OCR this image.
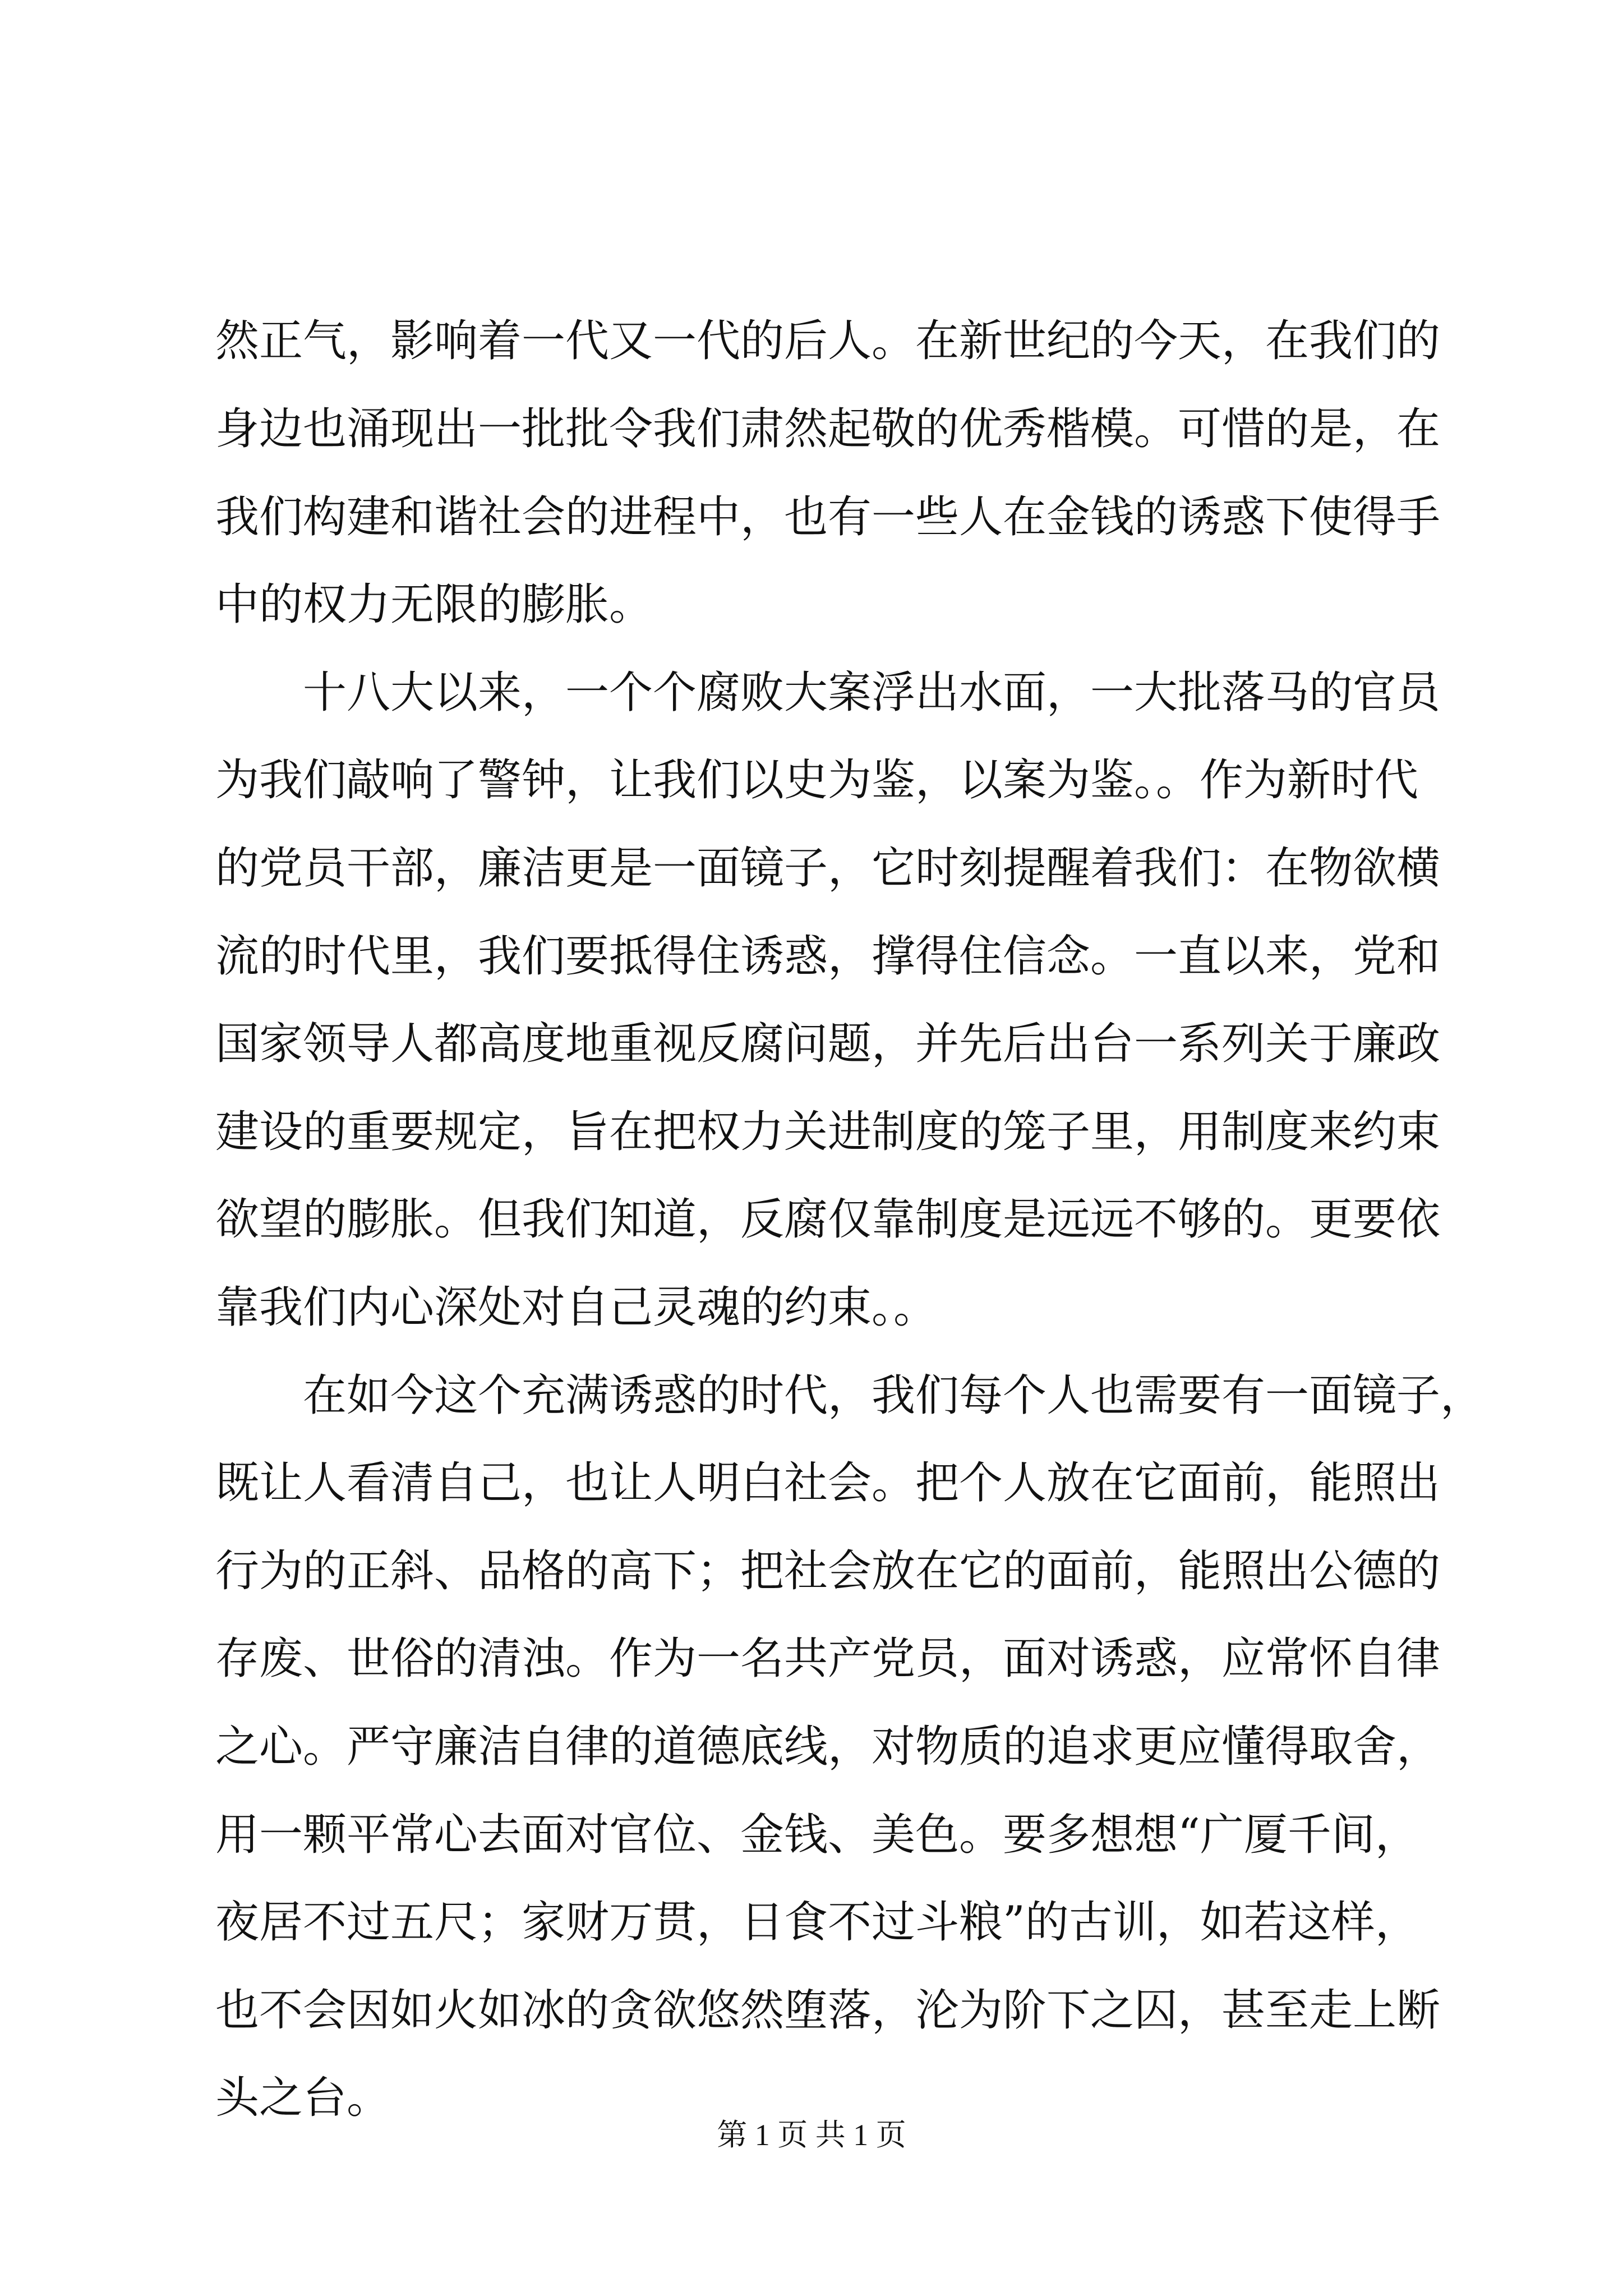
然正气，影响着一代又一代的后人。在新世纪的今天，在我们的
身边也涌现出一批批令我们肃然起敬的优秀楷模。可惜的是，在
我们构建和谐社会的进程中，也有一些人在金钱的诱惑下使得手
中的权力无限的膨胀。
　　十八大以来，一个个腐败大案浮出水面，一大批落马的官员
为我们敲响了警钟，让我们以史为鉴，以案为鉴。。作为新时代
的党员干部，廉洁更是一面镜子，它时刻提醒着我们：在物欲横
流的时代里，我们要抵得住诱惑，撑得住信念。一直以来，党和
国家领导人都高度地重视反腐问题，并先后出台一系列关于廉政
建设的重要规定，旨在把权力关进制度的笼子里，用制度来约束
欲望的膨胀。但我们知道，反腐仅靠制度是远远不够的。更要依
靠我们内心深处对自己灵魂的约束。。
　　在如今这个充满诱惑的时代，我们每个人也需要有一面镜子，
既让人看清自己，也让人明白社会。把个人放在它面前，能照出
行为的正斜、品格的高下；把社会放在它的面前，能照出公德的
存废、世俗的清浊。作为一名共产党员，面对诱惑，应常怀自律
之心。严守廉洁自律的道德底线，对物质的追求更应懂得取舍，
用一颗平常心去面对官位、金钱、美色。要多想想“广厦千间，
夜居不过五尺；家财万贯，日食不过斗粮”的古训，如若这样，
也不会因如火如冰的贪欲悠然堕落，沦为阶下之囚，甚至走上断
头之台。
第 1 页 共 1 页
